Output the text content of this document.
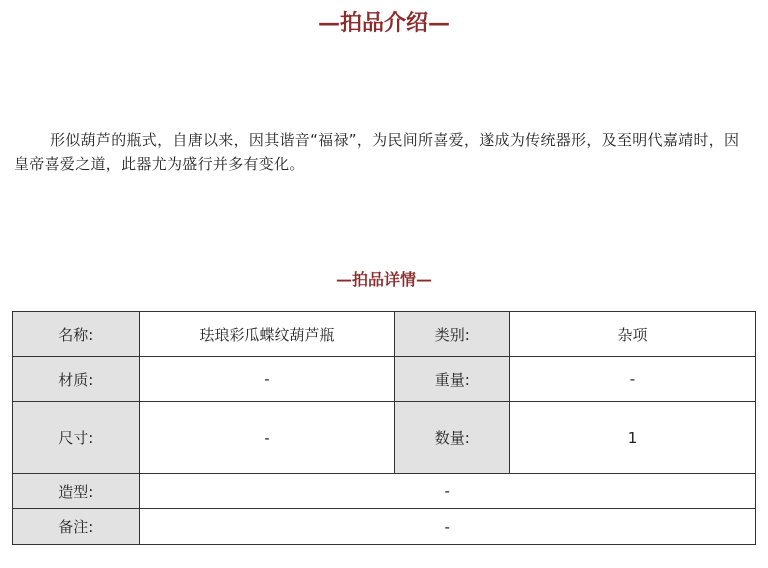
—拍品介绍—
形似葫芦的瓶式，自唐以来，因其谐音“福禄”，为民间所喜爱，遂成为传统器形，及至明代嘉靖时，因皇帝喜爱之道，此器尤为盛行并多有变化。
—拍品详情—
名称:	珐琅彩瓜蝶纹葫芦瓶	类别:	杂项
材质:	-	重量:	-
尺寸:	-	数量:	1
造型:	-		
备注:	-		
